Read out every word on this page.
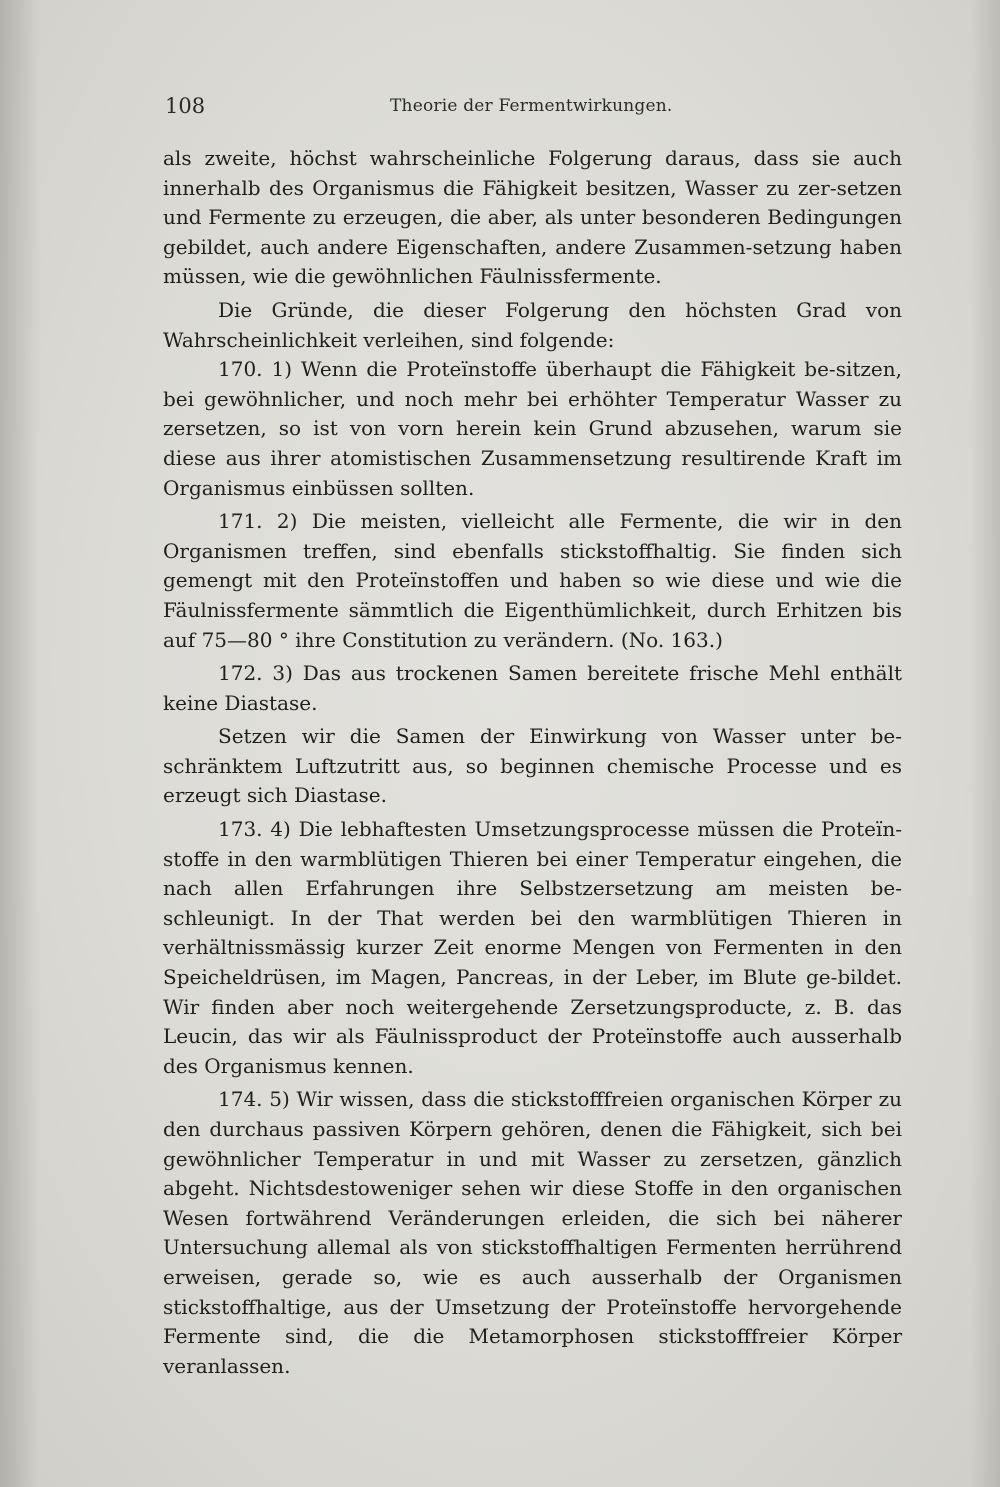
108	Theorie der Fermentwirkungen.

als zweite, höchst wahrscheinliche Folgerung daraus, dass sie auch innerhalb des Organismus die Fähigkeit besitzen, Wasser zu zer-setzen und Fermente zu erzeugen, die aber, als unter besonderen Bedingungen gebildet, auch andere Eigenschaften, andere Zusammen-setzung haben müssen, wie die gewöhnlichen Fäulnissfermente.

Die Gründe, die dieser Folgerung den höchsten Grad von Wahrscheinlichkeit verleihen, sind folgende:

170. 1) Wenn die Proteïnstoffe überhaupt die Fähigkeit be-sitzen, bei gewöhnlicher, und noch mehr bei erhöhter Temperatur Wasser zu zersetzen, so ist von vorn herein kein Grund abzusehen, warum sie diese aus ihrer atomistischen Zusammensetzung resultirende Kraft im Organismus einbüssen sollten.

171. 2) Die meisten, vielleicht alle Fermente, die wir in den Organismen treffen, sind ebenfalls stickstoffhaltig. Sie finden sich gemengt mit den Proteïnstoffen und haben so wie diese und wie die Fäulnissfermente sämmtlich die Eigenthümlichkeit, durch Erhitzen bis auf 75—80 ° ihre Constitution zu verändern. (No. 163.)

172. 3) Das aus trockenen Samen bereitete frische Mehl enthält keine Diastase.

Setzen wir die Samen der Einwirkung von Wasser unter be-schränktem Luftzutritt aus, so beginnen chemische Processe und es erzeugt sich Diastase.

173. 4) Die lebhaftesten Umsetzungsprocesse müssen die Proteïn-stoffe in den warmblütigen Thieren bei einer Temperatur eingehen, die nach allen Erfahrungen ihre Selbstzersetzung am meisten be-schleunigt. In der That werden bei den warmblütigen Thieren in verhältnissmässig kurzer Zeit enorme Mengen von Fermenten in den Speicheldrüsen, im Magen, Pancreas, in der Leber, im Blute ge-bildet. Wir finden aber noch weitergehende Zersetzungsproducte, z. B. das Leucin, das wir als Fäulnissproduct der Proteïnstoffe auch ausserhalb des Organismus kennen.

174. 5) Wir wissen, dass die stickstofffreien organischen Körper zu den durchaus passiven Körpern gehören, denen die Fähigkeit, sich bei gewöhnlicher Temperatur in und mit Wasser zu zersetzen, gänzlich abgeht. Nichtsdestoweniger sehen wir diese Stoffe in den organischen Wesen fortwährend Veränderungen erleiden, die sich bei näherer Untersuchung allemal als von stickstoffhaltigen Fermenten herrührend erweisen, gerade so, wie es auch ausserhalb der Organismen stickstoffhaltige, aus der Umsetzung der Proteïnstoffe hervorgehende Fermente sind, die die Metamorphosen stickstofffreier Körper veranlassen.
